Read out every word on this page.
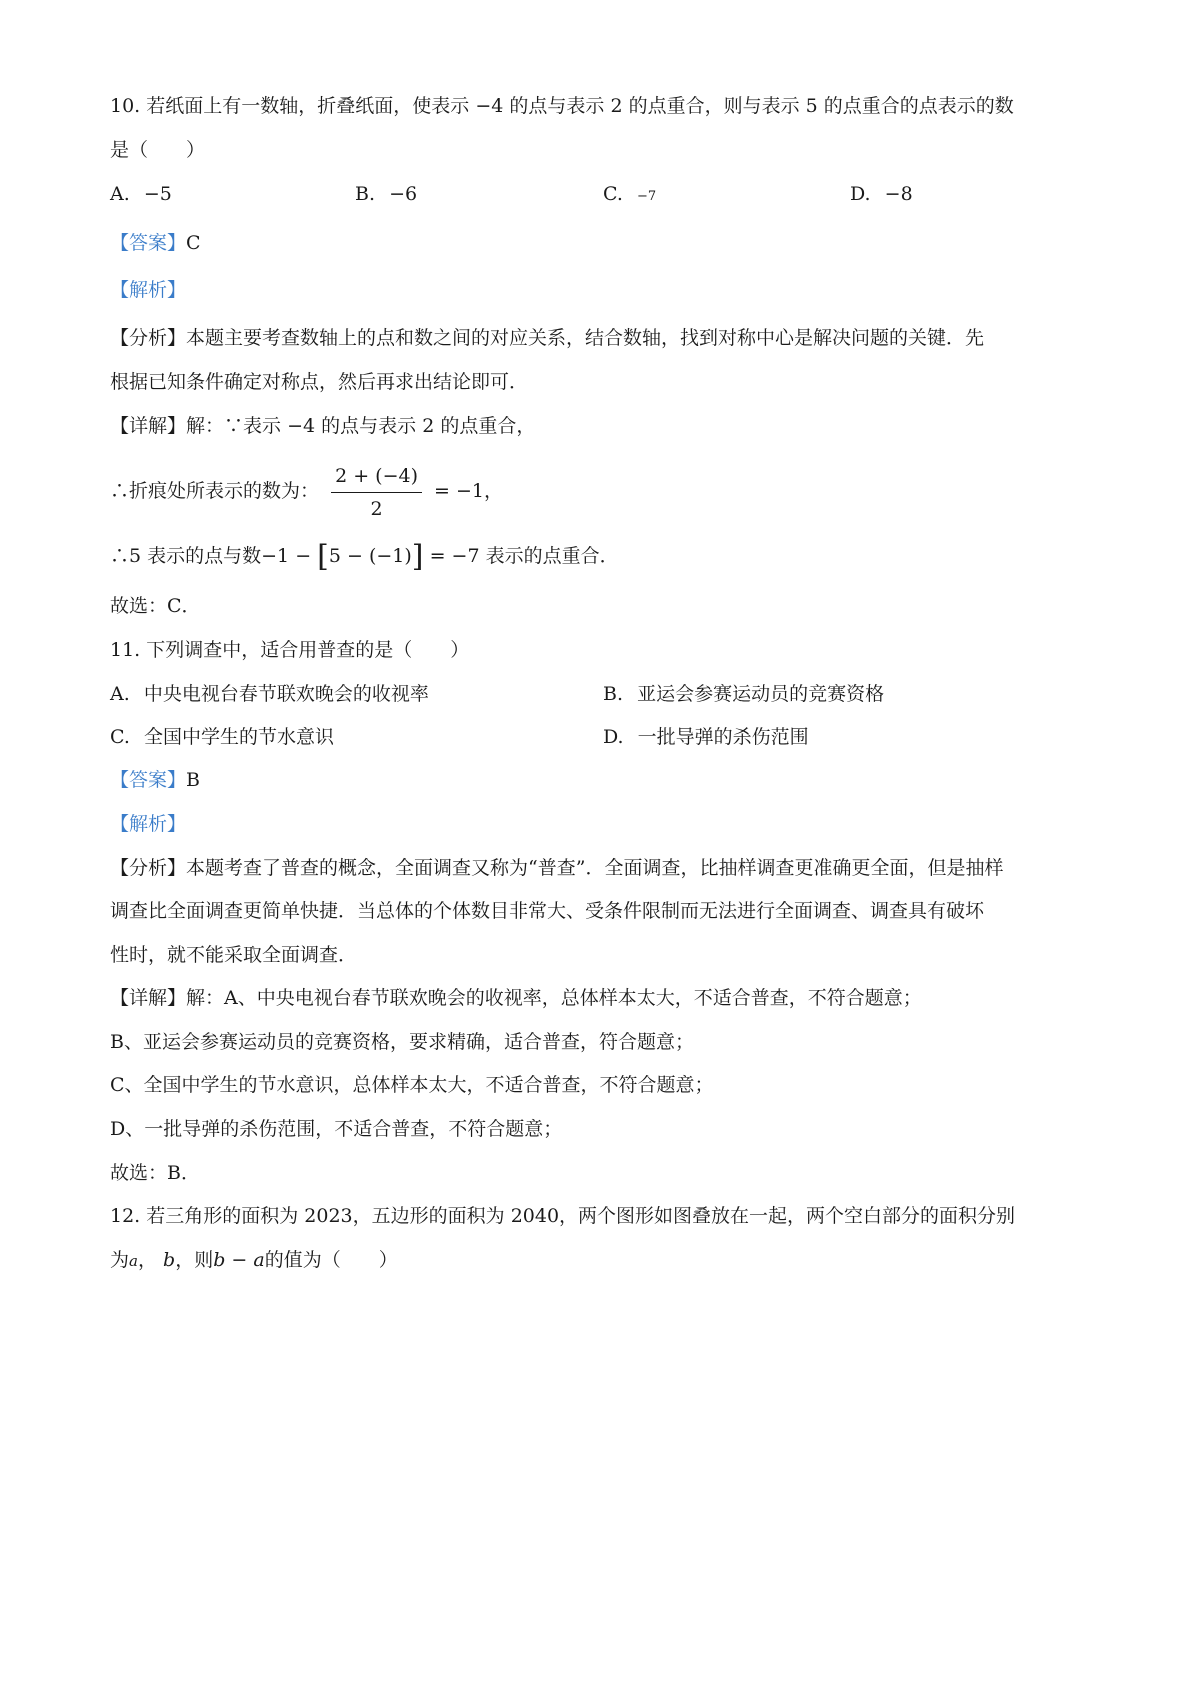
10. 若纸面上有一数轴，折叠纸面，使表示 −4 的点与表示 2 的点重合，则与表示 5 的点重合的点表示的数
是（　　）
A. −5	B. −6	C. −7	D. −8
【答案】C
【解析】
【分析】本题主要考查数轴上的点和数之间的对应关系，结合数轴，找到对称中心是解决问题的关键．先
根据已知条件确定对称点，然后再求出结论即可．
【详解】解：∵表示 −4 的点与表示 2 的点重合，
∴折痕处所表示的数为： $\frac{2 + (-4)}{2} = -1$，
∴5 表示的点与数−1 − [5 − (−1)] = −7 表示的点重合．
故选：C．
11. 下列调查中，适合用普查的是（　　）
A. 中央电视台春节联欢晚会的收视率	B. 亚运会参赛运动员的竞赛资格
C. 全国中学生的节水意识	D. 一批导弹的杀伤范围
【答案】B
【解析】
【分析】本题考查了普查的概念，全面调查又称为“普查”．全面调查，比抽样调查更准确更全面，但是抽样
调查比全面调查更简单快捷．当总体的个体数目非常大、受条件限制而无法进行全面调查、调查具有破坏
性时，就不能采取全面调查．
【详解】解：A、中央电视台春节联欢晚会的收视率，总体样本太大，不适合普查，不符合题意；
B、亚运会参赛运动员的竞赛资格，要求精确，适合普查，符合题意；
C、全国中学生的节水意识，总体样本太大，不适合普查，不符合题意；
D、一批导弹的杀伤范围，不适合普查，不符合题意；
故选：B．
12. 若三角形的面积为 2023，五边形的面积为 2040，两个图形如图叠放在一起，两个空白部分的面积分别
为a， b，则b − a的值为（　　）
